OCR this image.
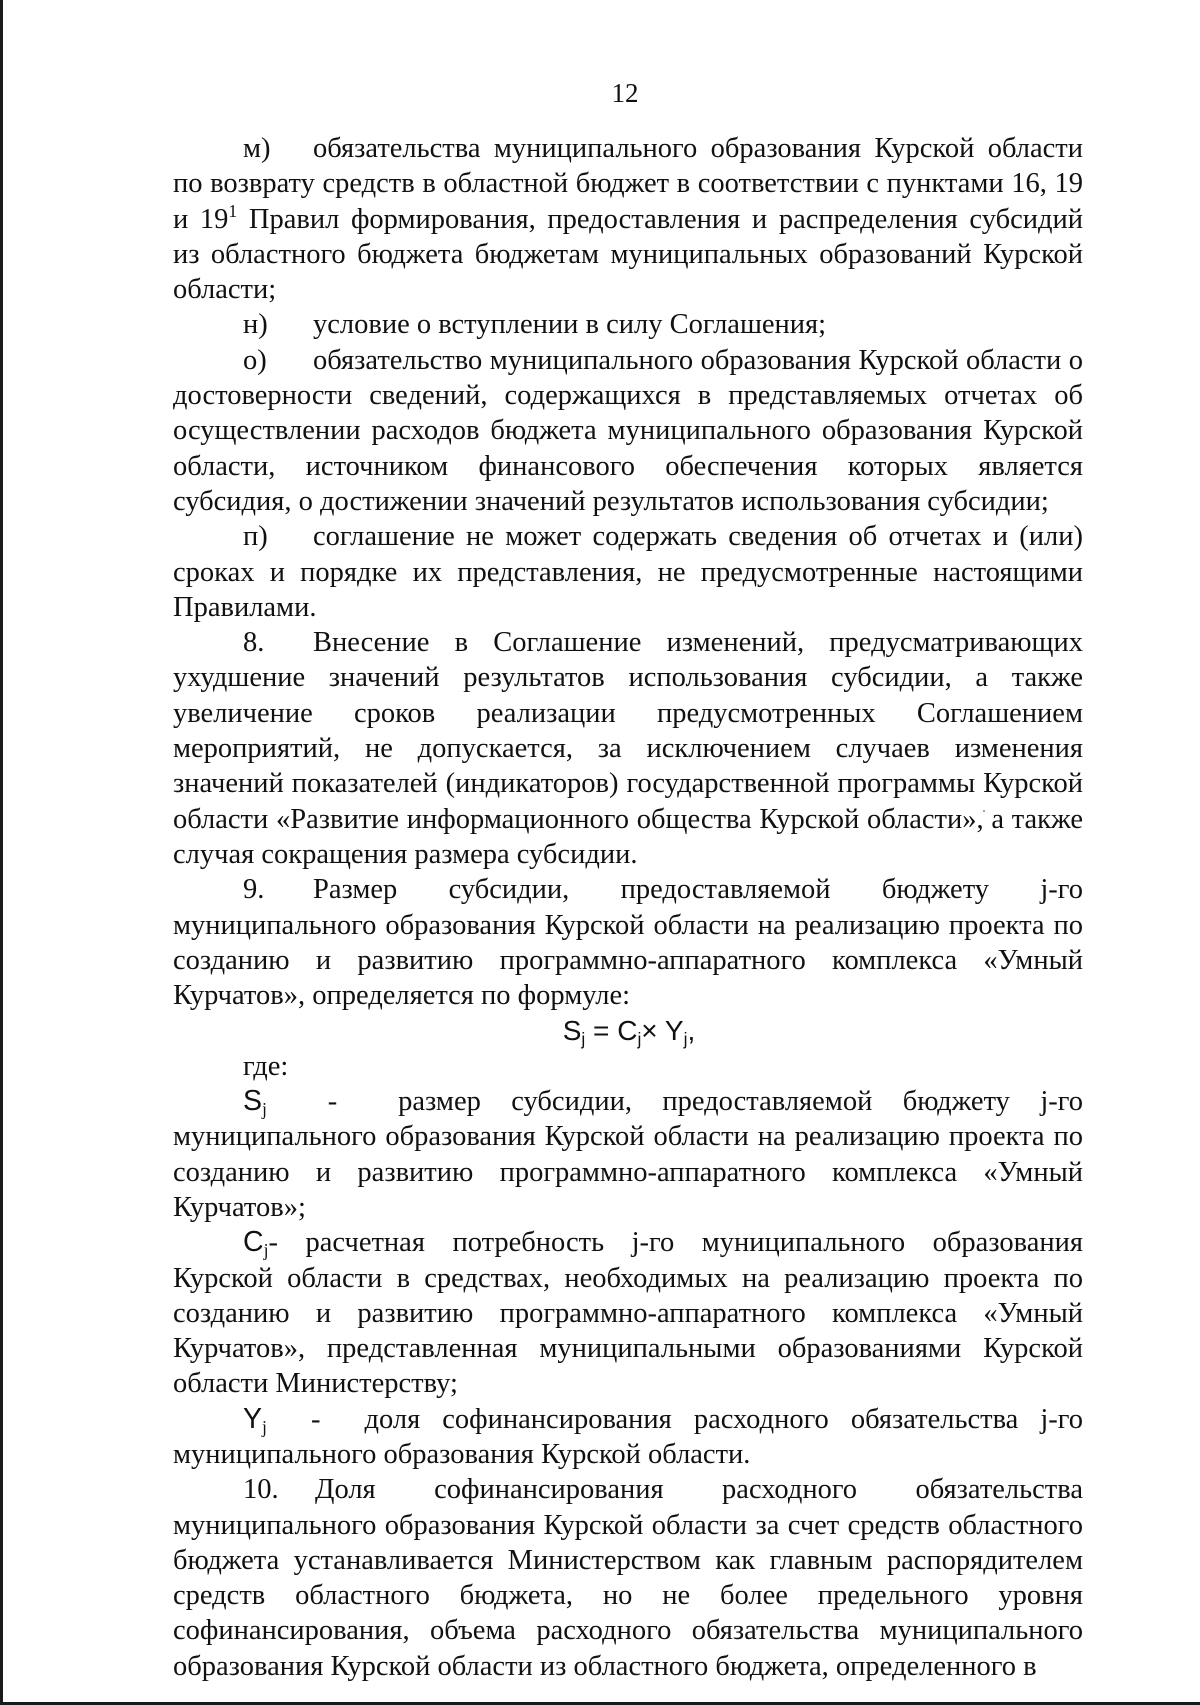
12

м) обязательства муниципального образования Курской области по возврату средств в областной бюджет в соответствии с пунктами 16, 19 и $19^1$ Правил формирования, предоставления и распределения субсидий из областного бюджета бюджетам муниципальных образований Курской области;

н) условие о вступлении в силу Соглашения;

о) обязательство муниципального образования Курской области о достоверности сведений, содержащихся в представляемых отчетах об осуществлении расходов бюджета муниципального образования Курской области, источником финансового обеспечения которых является субсидия, о достижении значений результатов использования субсидии;

п) соглашение не может содержать сведения об отчетах и (или) сроках и порядке их представления, не предусмотренные настоящими Правилами.

8. Внесение в Соглашение изменений, предусматривающих ухудшение значений результатов использования субсидии, а также увеличение сроков реализации предусмотренных Соглашением мероприятий, не допускается, за исключением случаев изменения значений показателей (индикаторов) государственной программы Курской области «Развитие информационного общества Курской области», а также случая сокращения размера субсидии.

9. Размер субсидии, предоставляемой бюджету j-го муниципального образования Курской области на реализацию проекта по созданию и развитию программно-аппаратного комплекса «Умный Курчатов», определяется по формуле:

$S_j = C_j\times Y_j$,

где:

$S_j$  -  размер субсидии, предоставляемой бюджету j-го муниципального образования Курской области на реализацию проекта по созданию и развитию программно-аппаратного комплекса «Умный Курчатов»;

$C_j-$ расчетная потребность j-го муниципального образования Курской области в средствах, необходимых на реализацию проекта по созданию и развитию программно-аппаратного комплекса «Умный Курчатов», представленная муниципальными образованиями Курской области Министерству;

$Y_j$  -  доля софинансирования расходного обязательства j-го муниципального образования Курской области.

10. Доля софинансирования расходного обязательства муниципального образования Курской области за счет средств областного бюджета устанавливается Министерством как главным распорядителем средств областного бюджета, но не более предельного уровня софинансирования, объема расходного обязательства муниципального образования Курской области из областного бюджета, определенного в
